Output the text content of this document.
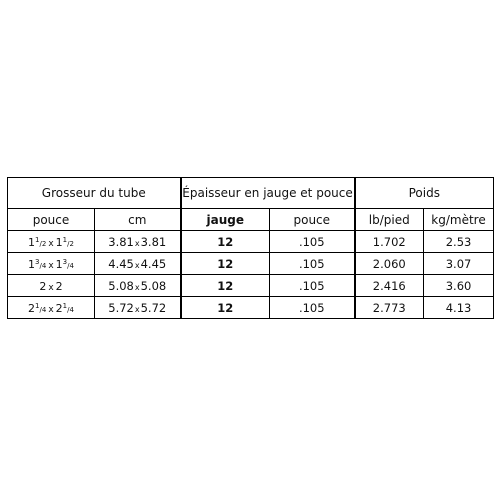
Grosseur du tube		Épaisseur en jauge et pouce		Poids	
pouce	cm	jauge	pouce	lb/pied	kg/mètre
$1^1/2$ x $1^1/2$	3.81x3.81	12	.105	1.702	2.53
$1^3/4$ x $1^3/4$	4.45x4.45	12	.105	2.060	3.07
2 x 2	5.08x5.08	12	.105	2.416	3.60
$2^1/4$ x $2^1/4$	5.72x5.72	12	.105	2.773	4.13
